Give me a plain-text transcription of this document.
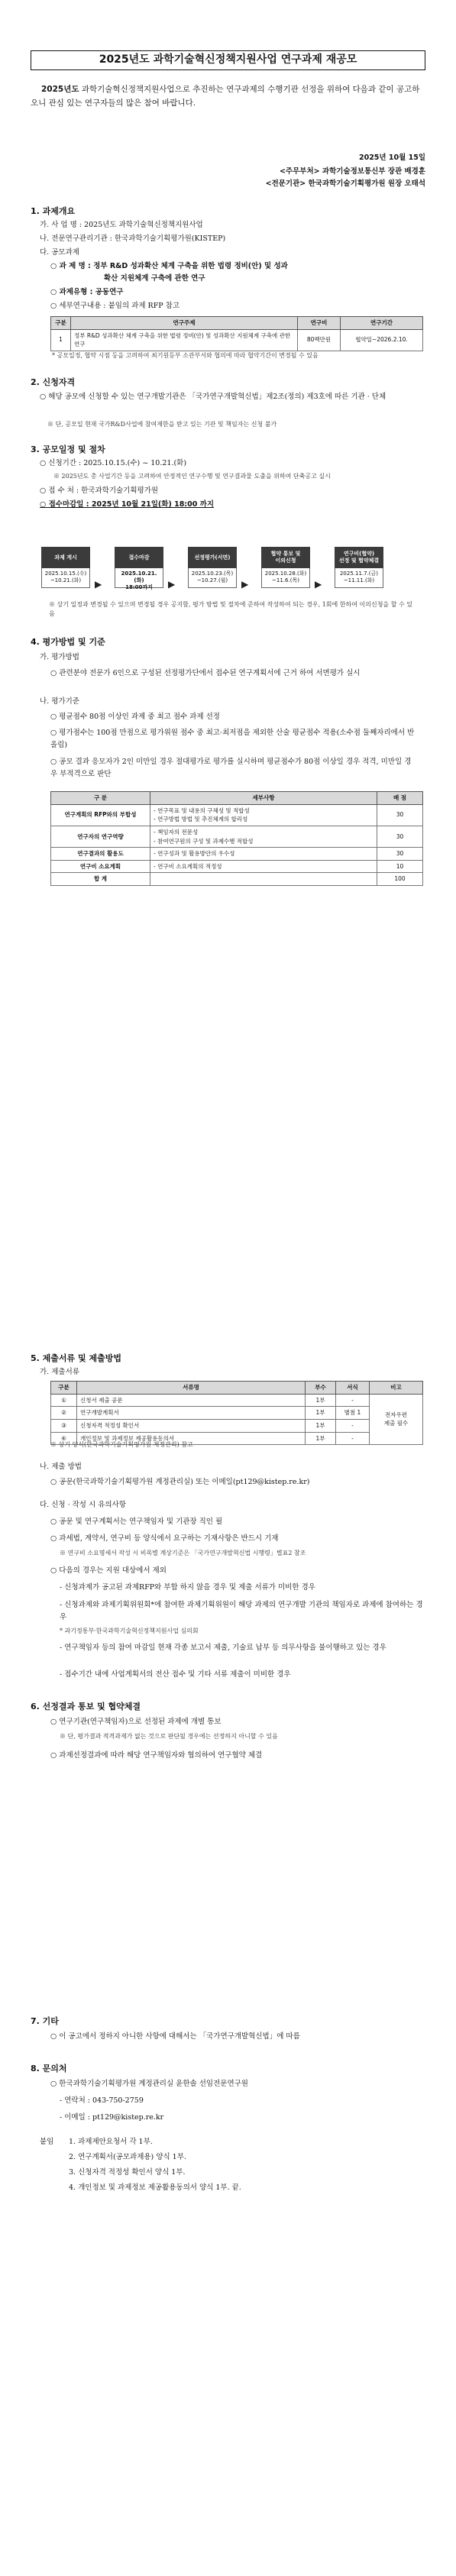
2025년도 과학기술혁신정책지원사업 연구과제 재공모
2025년도 과학기술혁신정책지원사업으로 추진하는 연구과제의 수행기관 선정을 위하여 다음과 같이 공고하오니 관심 있는 연구자들의 많은 참여 바랍니다.
2025년 10월 15일
<주무부처> 과학기술정보통신부 장관 배경훈
<전문기관> 한국과학기술기획평가원 원장 오태석
1. 과제개요
가. 사 업 명 : 2025년도 과학기술혁신정책지원사업
나. 전문연구관리기관 : 한국과학기술기획평가원(KISTEP)
다. 공모과제
○ 과 제 명 : 정부 R&D 성과확산 체계 구축을 위한 법령 정비(안) 및 성과
확산 지원체계 구축에 관한 연구
○ 과제유형 : 공동연구
○ 세부연구내용 : 붙임의 과제 RFP 참고
구분	연구주제	연구비	연구기간
1	정부 R&D 성과확산 체계 구축을 위한 법령 정비(안) 및 성과확산 지원체계 구축에 관한 연구	80백만원	협약일~2026.2.10.
* 공모일정, 협약 시점 등을 고려하여 최기원등부 소관부서와 협의에 따라 협약기간이 변경될 수 있음
2. 신청자격
○ 해당 공모에 신청할 수 있는 연구개발기관은 「국가연구개발혁신법」제2조(정의) 제3호에 따른 기관 · 단체
※ 단, 공모일 현재 국가R&D사업에 참여제한을 받고 있는 기관 및 책임자는 신청 불가
3. 공모일정 및 절차
○ 신청기간 : 2025.10.15.(수) ~ 10.21.(화)
※ 2025년도 총 사업기간 등을 고려하여 안정적인 연구수행 및 연구결과물 도출을 위하여 단축공고 실시
○ 접 수 처 : 한국과학기술기획평가원
○ 접수마감일 : 2025년 10월 21일(화) 18:00 까지
과제 게시
2025.10.15.(수)
~10.21.(화)	▶
접수마감
2025.10.21.(화)
18:00까지	▶
선정평가(서면)
2025.10.23.(목)
~10.27.(월)	▶
협약 통보 및
이의신청
2025.10.28.(화)
~11.6.(목)	▶
연구비(협약)
선정 및 협약체결
2025.11.7.(금)
~11.11.(화)
※ 상기 일정과 변경될 수 있으며 변경될 경우 공지함, 평가 방법 및 절차에 준하여 작성하여 되는 경우, 1회에 한하여 이의신청을 할 수 있음
4. 평가방법 및 기준
가. 평가방법
○ 관련분야 전문가 6인으로 구성된 선정평가단에서 접수된 연구계획서에 근거 하여 서면평가 실시
나. 평가기준
○ 평균점수 80점 이상인 과제 중 최고 점수 과제 선정
○ 평가점수는 100점 만점으로 평가위원 점수 중 최고·최저점을 제외한 산술 평균점수 적용(소수점 둘째자리에서 반올림)
○ 공모 결과 응모자가 2인 미만일 경우 절대평가로 평가를 실시하며 평균점수가 80점 이상일 경우 적격, 미만일 경우 부적격으로 판단
구 분	세부사항	배 점
연구계획의 RFP와의 부합성	- 연구목표 및 내용의 구체성 및 적합성
- 연구방법 방법 및 추진체계의 합리성	30
연구자의 연구역량	- 책임자의 전문성
- 참여연구원의 구성 및 과제수행 적합성	30
연구결과의 활용도	- 연구성과 및 활용방안의 우수성	30
연구비 소요계획	- 연구비 소요계획의 적정성	10
합 계		100
5. 제출서류 및 제출방법
가. 제출서류
구분	서류명	부수	서식	비고
①	신청서 제출 공문	1부	-	전자우편
제출 필수
②	연구개발계획서	1부	별첨 1	
③	신청자격 적정성 확인서	1부	-	
④	개인정보 및 과제정보 제공활용동의서	1부	-	
※ 상기 양식(한국과학기술기획평가원 제정관리) 참고
나. 제출 방법
○ 공문(한국과학기술기획평가원 계정관리실) 또는 이메일(pt129@kistep.re.kr)
다. 신청 · 작성 시 유의사항
○ 공문 및 연구계획서는 연구책임자 및 기관장 직인 필
○ 과세법, 계약서, 연구비 등 양식에서 요구하는 기재사항은 반드시 기재
※ 연구비 소요명세서 작성 시 비목별 계상기준은 「국가연구개발혁신법 시행령」별표2 참조
○ 다음의 경우는 지원 대상에서 제외
- 신청과제가 공고된 과제RFP와 부합 하지 않을 경우 및 제출 서류가 미비한 경우
- 신청과제와 과제기획위원회*에 참여한 과제기획위원이 해당 과제의 연구개발 기관의 책임자로 과제에 참여하는 경우
* 과기정통부·한국과학기술혁신정책지원사업 심의회
- 연구책임자 등의 참여 마감일 현재 각종 보고서 제출, 기술료 납부 등 의무사항을 불이행하고 있는 경우
- 접수기간 내에 사업계획서의 전산 접수 및 기타 서류 제출이 미비한 경우
6. 선정결과 통보 및 협약체결
○ 연구기관(연구책임자)으로 선정된 과제에 개별 통보
※ 단, 평가결과 적격과제가 없는 것으로 판단될 경우에는 선정하지 아니할 수 있음
○ 과제선정결과에 따라 해당 연구책임자와 협의하여 연구협약 체결
7. 기타
○ 이 공고에서 정하지 아니한 사항에 대해서는 「국가연구개발혁신법」에 따름
8. 문의처
○ 한국과학기술기획평가원 계정관리실 윤한솔 선임전문연구원
- 연락처 : 043-750-2759
- 이메일 : pt129@kistep.re.kr
붙임	1. 과제제안요청서 각 1부.
2. 연구계획서(공모과제용) 양식 1부.
3. 신청자격 적정성 확인서 양식 1부.
4. 개인정보 및 과제정보 제공활용동의서 양식 1부. 끝.
